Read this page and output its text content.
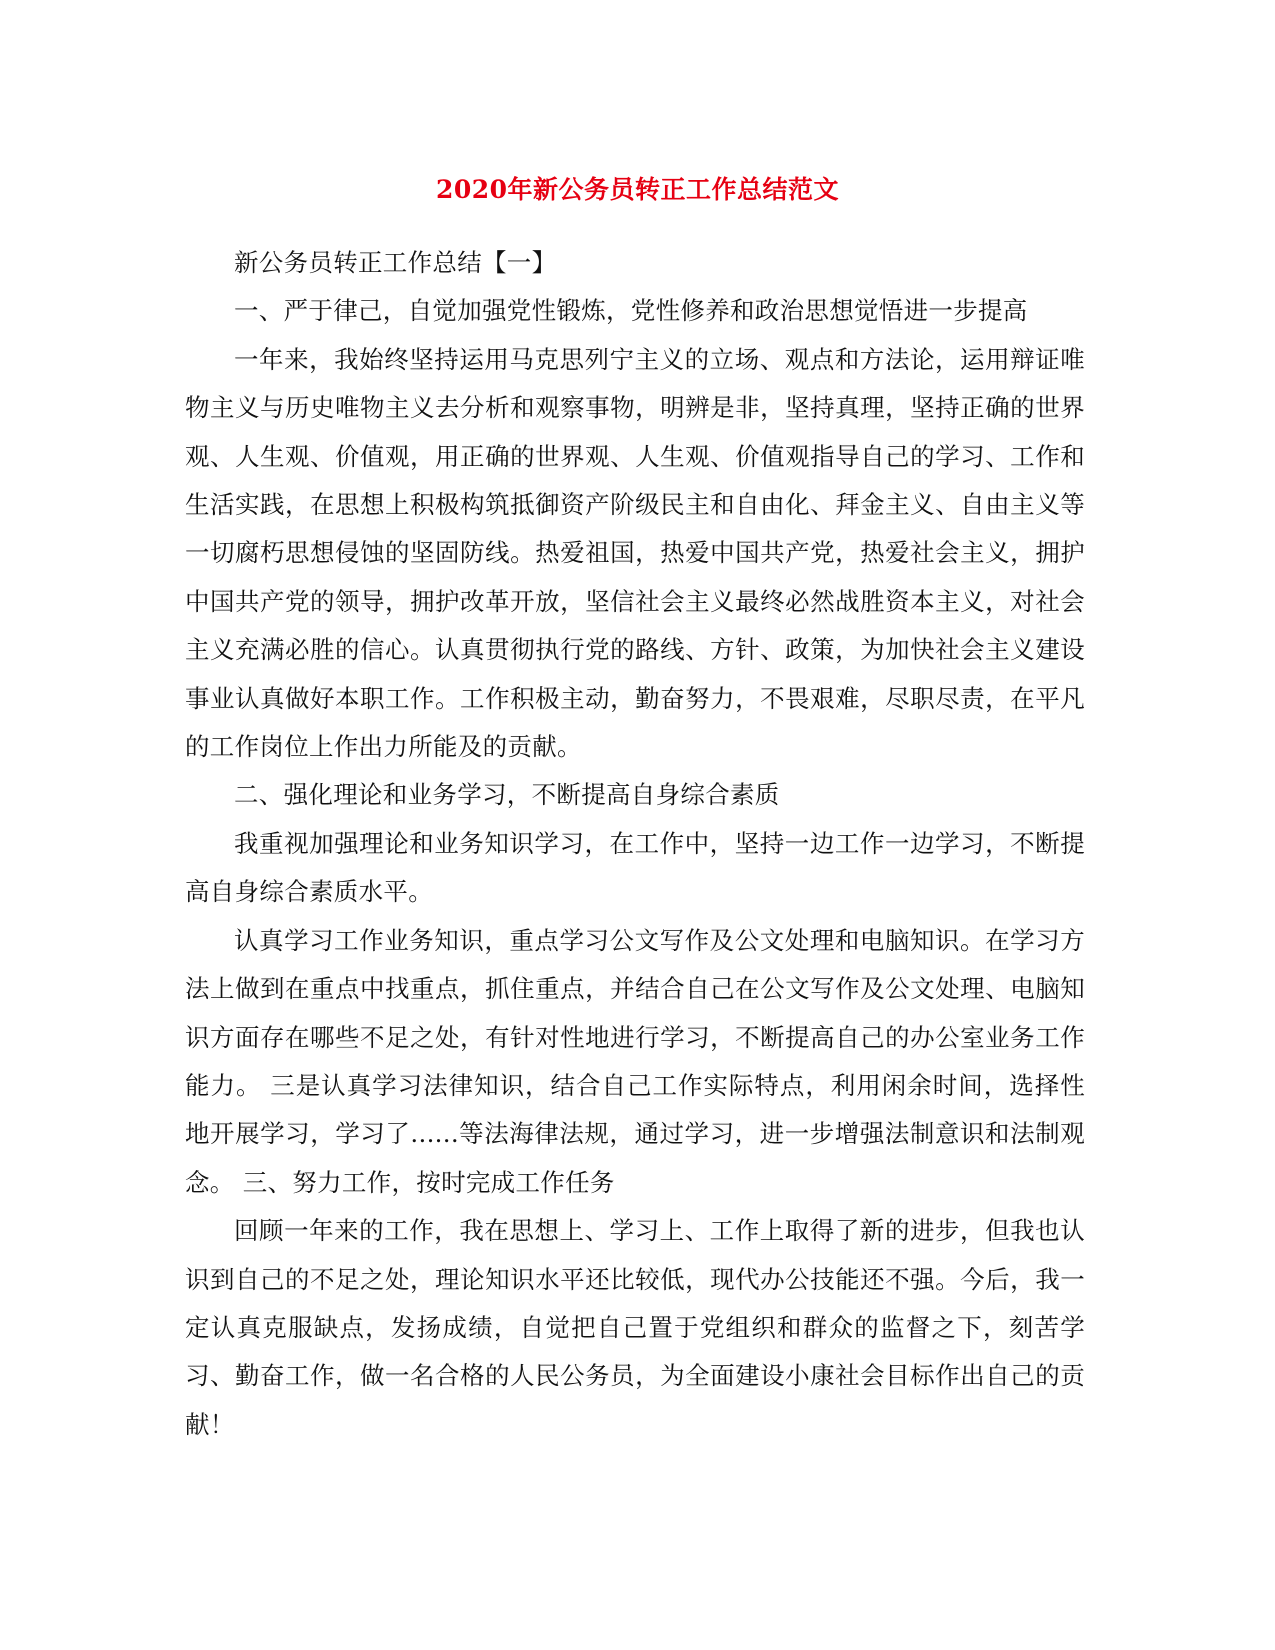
2020年新公务员转正工作总结范文

新公务员转正工作总结【一】

一、严于律己，自觉加强党性锻炼，党性修养和政治思想觉悟进一步提高

一年来，我始终坚持运用马克思列宁主义的立场、观点和方法论，运用辩证唯物主义与历史唯物主义去分析和观察事物，明辨是非，坚持真理，坚持正确的世界观、人生观、价值观，用正确的世界观、人生观、价值观指导自己的学习、工作和生活实践，在思想上积极构筑抵御资产阶级民主和自由化、拜金主义、自由主义等一切腐朽思想侵蚀的坚固防线。热爱祖国，热爱中国共产党，热爱社会主义，拥护中国共产党的领导，拥护改革开放，坚信社会主义最终必然战胜资本主义，对社会主义充满必胜的信心。认真贯彻执行党的路线、方针、政策，为加快社会主义建设事业认真做好本职工作。工作积极主动，勤奋努力，不畏艰难，尽职尽责，在平凡的工作岗位上作出力所能及的贡献。

二、强化理论和业务学习，不断提高自身综合素质

我重视加强理论和业务知识学习，在工作中，坚持一边工作一边学习，不断提高自身综合素质水平。

认真学习工作业务知识，重点学习公文写作及公文处理和电脑知识。在学习方法上做到在重点中找重点，抓住重点，并结合自己在公文写作及公文处理、电脑知识方面存在哪些不足之处，有针对性地进行学习，不断提高自己的办公室业务工作能力。 三是认真学习法律知识，结合自己工作实际特点，利用闲余时间，选择性地开展学习，学习了......等法海律法规，通过学习，进一步增强法制意识和法制观念。 三、努力工作，按时完成工作任务

回顾一年来的工作，我在思想上、学习上、工作上取得了新的进步，但我也认识到自己的不足之处，理论知识水平还比较低，现代办公技能还不强。今后，我一定认真克服缺点，发扬成绩，自觉把自己置于党组织和群众的监督之下，刻苦学习、勤奋工作，做一名合格的人民公务员，为全面建设小康社会目标作出自己的贡献！
